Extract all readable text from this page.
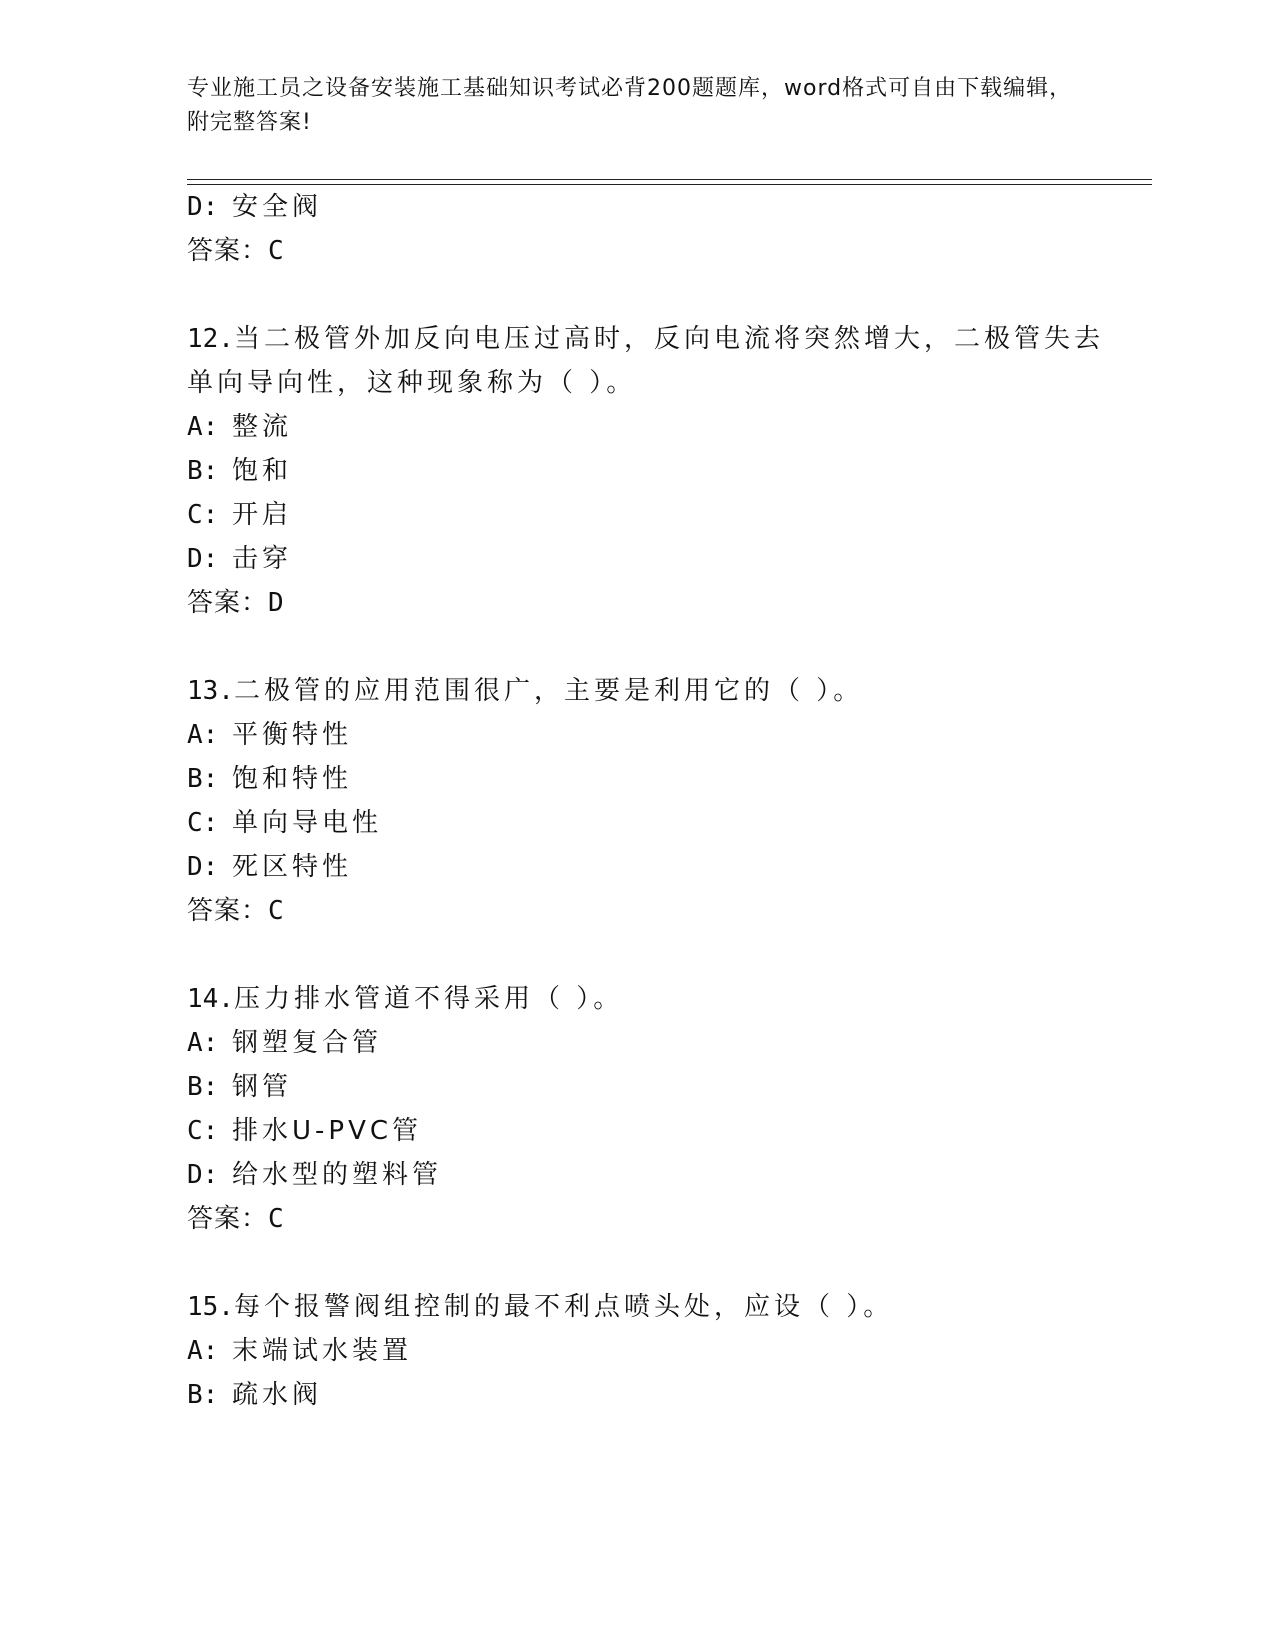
专业施工员之设备安装施工基础知识考试必背200题题库，word格式可自由下载编辑，附完整答案!
D: 安全阀
答案：C
12.当二极管外加反向电压过高时，反向电流将突然增大，二极管失去
单向导向性，这种现象称为（ ）。
A: 整流
B: 饱和
C: 开启
D: 击穿
答案：D
13.二极管的应用范围很广，主要是利用它的（ ）。
A: 平衡特性
B: 饱和特性
C: 单向导电性
D: 死区特性
答案：C
14.压力排水管道不得采用（ ）。
A: 钢塑复合管
B: 钢管
C: 排水U-PVC管
D: 给水型的塑料管
答案：C
15.每个报警阀组控制的最不利点喷头处，应设（ ）。
A: 末端试水装置
B: 疏水阀
